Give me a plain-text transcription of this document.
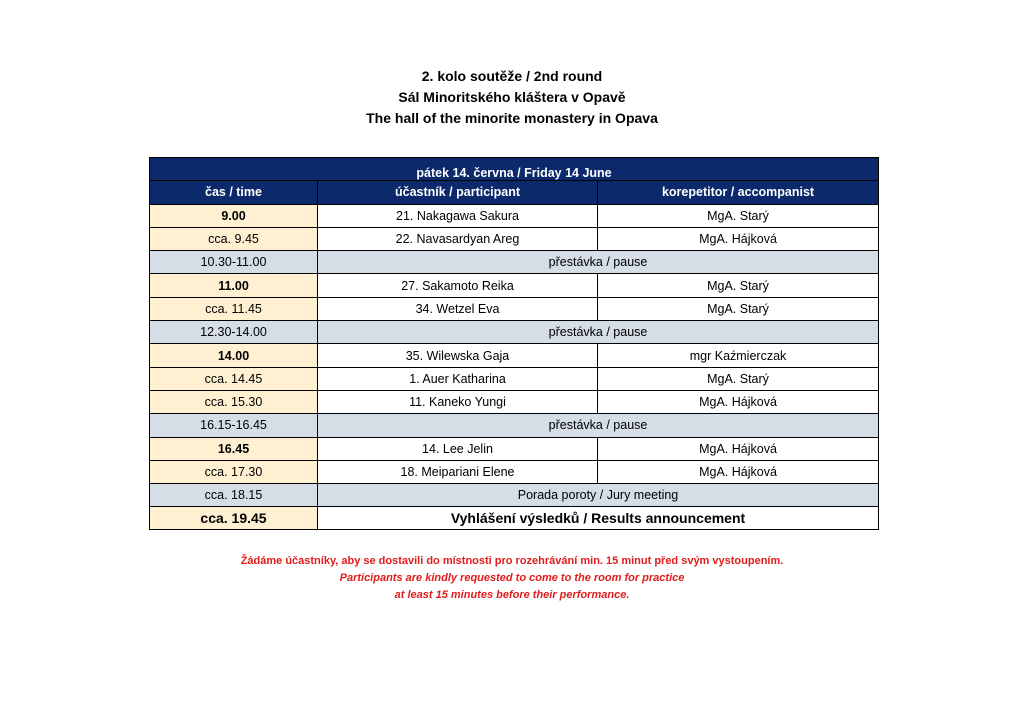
2. kolo soutěže / 2nd round
Sál Minoritského kláštera v Opavě
The hall of the minorite monastery in Opava
pátek 14. června / Friday 14 June		
čas / time	účastník / participant	korepetitor / accompanist
9.00	21. Nakagawa Sakura	MgA. Starý
cca. 9.45	22. Navasardyan Areg	MgA. Hájková
10.30-11.00	přestávka / pause	
11.00	27. Sakamoto Reika	MgA. Starý
cca. 11.45	34. Wetzel Eva	MgA. Starý
12.30-14.00	přestávka / pause	
14.00	35. Wilewska Gaja	mgr Kaźmierczak
cca. 14.45	1. Auer Katharina	MgA. Starý
cca. 15.30	11. Kaneko Yungi	MgA. Hájková
16.15-16.45	přestávka / pause	
16.45	14. Lee Jelin	MgA. Hájková
cca. 17.30	18. Meipariani Elene	MgA. Hájková
cca. 18.15	Porada poroty / Jury meeting	
cca. 19.45	Vyhlášení výsledků / Results announcement	
Žádáme účastníky, aby se dostavili do místnosti pro rozehrávání min. 15 minut před svým vystoupením.
Participants are kindly requested to come to the room for practice
at least 15 minutes before their performance.
